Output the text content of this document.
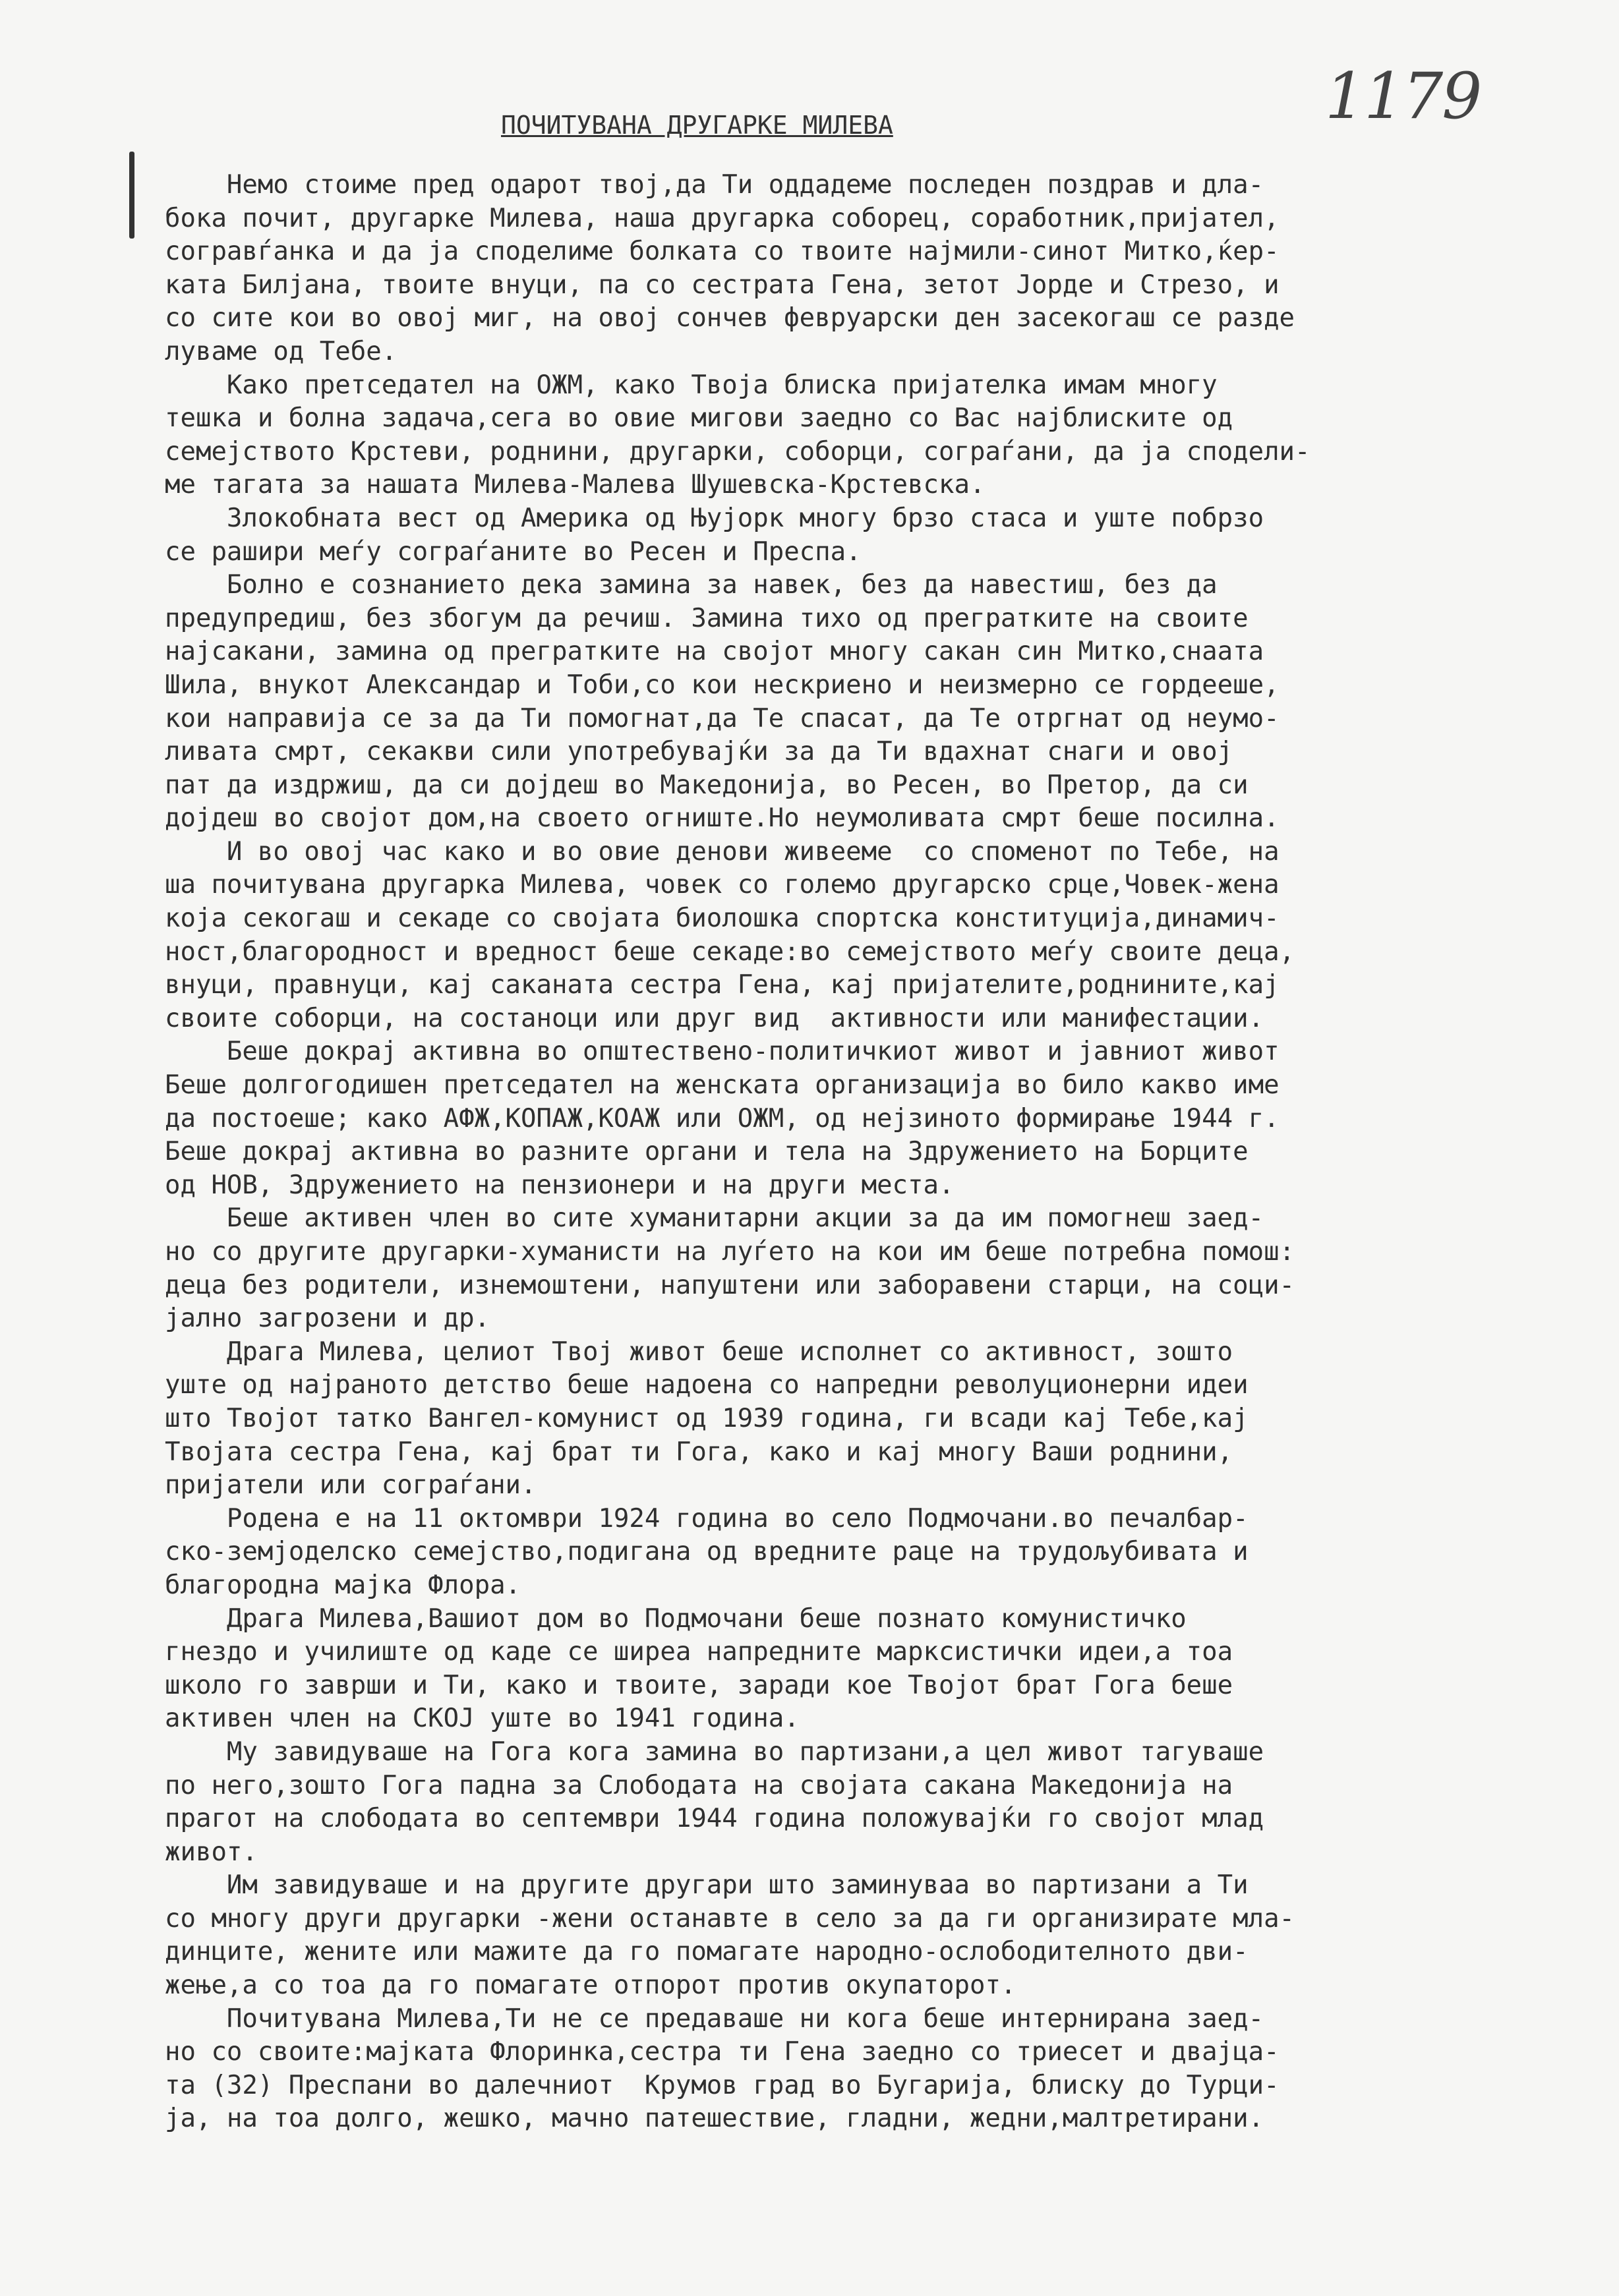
1179
ПОЧИТУВАНА ДРУГАРКЕ МИЛЕВА
Немо стоиме пред одарот твој,да Ти оддадеме последен поздрав и дла-
бока почит, другарке Милева, наша другарка соборец, соработник,пријател,
согравѓанка и да ја споделиме болката со твоите најмили-синот Митко,ќер-
ката Билјана, твоите внуци, па со сестрата Гена, зетот Јорде и Стрезо, и
со сите кои во овој миг, на овој сончев февруарски ден засекогаш се разде
луваме од Тебе.
Како претседател на ОЖМ, како Твоја блиска пријателка имам многу
тешка и болна задача,сега во овие мигови заедно со Вас најблиските од
семејството Крстеви, роднини, другарки, соборци, сограѓани, да ја сподели-
ме тагата за нашата Милева-Малева Шушевска-Крстевска.
Злокобната вест од Америка од Њујорк многу брзо стаса и уште побрзо
се рашири меѓу сограѓаните во Ресен и Преспа.
Болно е сознанието дека замина за навек, без да навестиш, без да
предупредиш, без збогум да речиш. Замина тихо од прегратките на своите
најсакани, замина од прегратките на својот многу сакан син Митко,снаата
Шила, внукот Александар и Тоби,со кои нескриено и неизмерно се гордееше,
кои направија се за да Ти помогнат,да Те спасат, да Те отргнат од неумо-
ливата смрт, секакви сили употребувајќи за да Ти вдахнат снаги и овој
пат да издржиш, да си дојдеш во Македонија, во Ресен, во Претор, да си
дојдеш во својот дом,на своето огниште.Но неумоливата смрт беше посилна.
И во овој час како и во овие денови живееме  со споменот по Тебе, на
ша почитувана другарка Милева, човек со големо другарско срце,Човек-жена
која секогаш и секаде со својата биолошка спортска конституција,динамич-
ност,благородност и вредност беше секаде:во семејството меѓу своите деца,
внуци, правнуци, кај саканата сестра Гена, кај пријателите,роднините,кај
своите соборци, на состаноци или друг вид  активности или манифестации.
Беше докрај активна во општествено-политичкиот живот и јавниот живот
Беше долгогодишен претседател на женската организација во било какво име
да постоеше; како АФЖ,КОПАЖ,КОАЖ или ОЖМ, од нејзиното формирање 1944 г.
Беше докрај активна во разните органи и тела на Здружението на Борците
од НОВ, Здружението на пензионери и на други места.
Беше активен член во сите хуманитарни акции за да им помогнеш заед-
но со другите другарки-хуманисти на луѓето на кои им беше потребна помош:
деца без родители, изнемоштени, напуштени или заборавени старци, на соци-
јално загрозени и др.
Драга Милева, целиот Твој живот беше исполнет со активност, зошто
уште од најраното детство беше надоена со напредни револуционерни идеи
што Твојот татко Вангел-комунист од 1939 година, ги всади кај Тебе,кај
Твојата сестра Гена, кај брат ти Гога, како и кај многу Ваши роднини,
пријатели или сограѓани.
Родена е на 11 октомври 1924 година во село Подмочани.во печалбар-
ско-земјоделско семејство,подигана од вредните раце на трудољубивата и
благородна мајка Флора.
Драга Милева,Вашиот дом во Подмочани беше познато комунистичко
гнездо и училиште од каде се ширеа напредните марксистички идеи,а тоа
школо го заврши и Ти, како и твоите, заради кое Твојот брат Гога беше
активен член на СКОЈ уште во 1941 година.
Му завидуваше на Гога кога замина во партизани,а цел живот тагуваше
по него,зошто Гога падна за Слободата на својата сакана Македонија на
прагот на слободата во септември 1944 година положувајќи го својот млад
живот.
Им завидуваше и на другите другари што заминуваа во партизани а Ти
со многу други другарки -жени останавте в село за да ги организирате мла-
динците, жените или мажите да го помагате народно-ослободителното дви-
жење,а со тоа да го помагате отпорот против окупаторот.
Почитувана Милева,Ти не се предаваше ни кога беше интернирана заед-
но со своите:мајката Флоринка,сестра ти Гена заедно со триесет и двајца-
та (32) Преспани во далечниот  Крумов град во Бугарија, блиску до Турци-
ја, на тоа долго, жешко, мачно патешествие, гладни, жедни,малтретирани.
